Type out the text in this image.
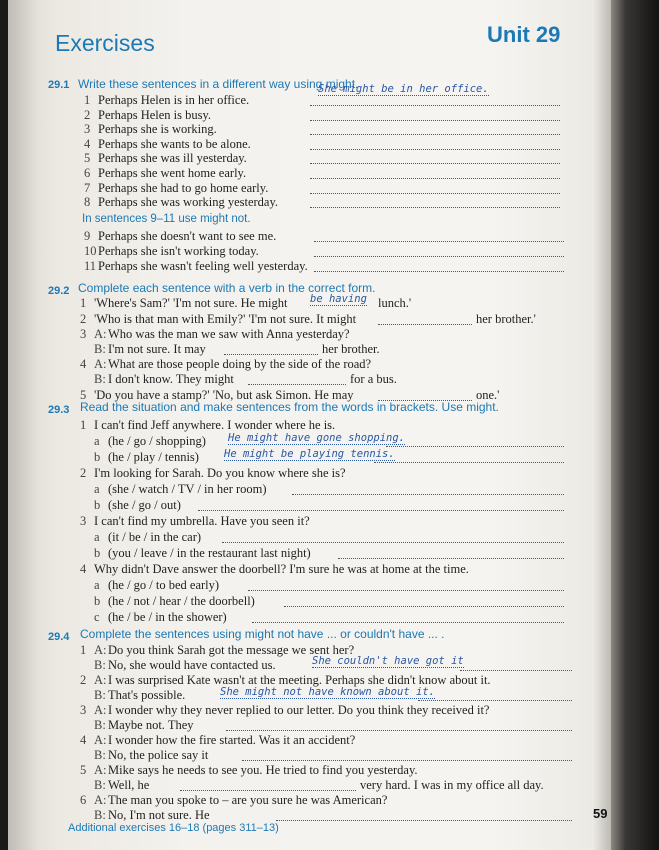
Exercises	Unit 29
29.1 Write these sentences in a different way using might.
1 Perhaps Helen is in her office.
She might be in her office.
2 Perhaps Helen is busy.
3 Perhaps she is working.
4 Perhaps she wants to be alone.
5 Perhaps she was ill yesterday.
6 Perhaps she went home early.
7 Perhaps she had to go home early.
8 Perhaps she was working yesterday.
In sentences 9–11 use might not.
9 Perhaps she doesn't want to see me.
10 Perhaps she isn't working today.
11 Perhaps she wasn't feeling well yesterday.
29.2 Complete each sentence with a verb in the correct form.
1 'Where's Sam?' 'I'm not sure. He might be having lunch.'
2 'Who is that man with Emily?' 'I'm not sure. It might	her brother.'
3 A: Who was the man we saw with Anna yesterday?
B: I'm not sure. It may	her brother.
4 A: What are those people doing by the side of the road?
B: I don't know. They might	for a bus.
5 'Do you have a stamp?' 'No, but ask Simon. He may	one.'
29.3 Read the situation and make sentences from the words in brackets. Use might.
1 I can't find Jeff anywhere. I wonder where he is.
a (he / go / shopping) He might have gone shopping.
b (he / play / tennis) He might be playing tennis.
2 I'm looking for Sarah. Do you know where she is?
a (she / watch / TV / in her room)
b (she / go / out)
3 I can't find my umbrella. Have you seen it?
a (it / be / in the car)
b (you / leave / in the restaurant last night)
4 Why didn't Dave answer the doorbell? I'm sure he was at home at the time.
a (he / go / to bed early)
b (he / not / hear / the doorbell)
c (he / be / in the shower)
29.4 Complete the sentences using might not have ... or couldn't have ... .
1 A: Do you think Sarah got the message we sent her?
B: No, she would have contacted us.	She couldn't have got it
2 A: I was surprised Kate wasn't at the meeting. Perhaps she didn't know about it.
B: That's possible.	She might not have known about it.
3 A: I wonder why they never replied to our letter. Do you think they received it?
B: Maybe not. They
4 A: I wonder how the fire started. Was it an accident?
B: No, the police say it
5 A: Mike says he needs to see you. He tried to find you yesterday.
B: Well, he	very hard. I was in my office all day.
6 A: The man you spoke to – are you sure he was American?
B: No, I'm not sure. He
Additional exercises 16–18 (pages 311–13)
59
